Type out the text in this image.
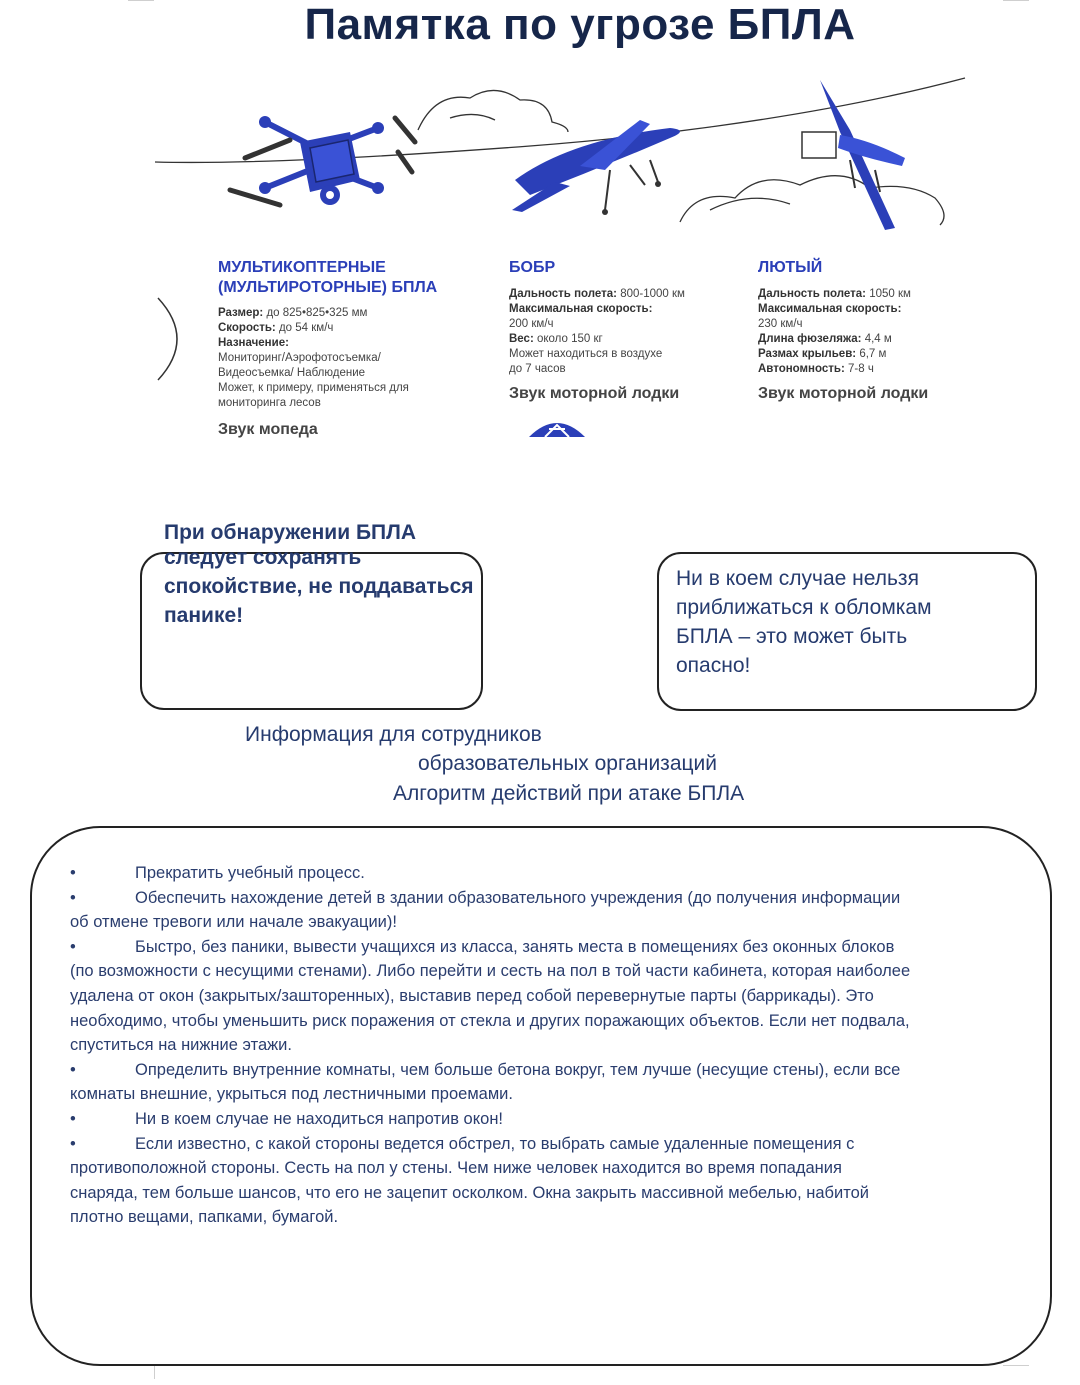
Памятка по угрозе БПЛА
МУЛЬТИКОПТЕРНЫЕ (МУЛЬТИРОТОРНЫЕ) БПЛА
Размер: до 825•825•325 мм
Скорость: до 54 км/ч
Назначение:
Мониторинг/Аэрофотосъемка/
Видеосъемка/ Наблюдение
Может, к примеру, применяться для
мониторинга лесов
Звук мопеда
БОБР
Дальность полета: 800-1000 км
Максимальная скорость:
200 км/ч
Вес: около 150 кг
Может находиться в воздухе
до 7 часов
Звук моторной лодки
ЛЮТЫЙ
Дальность полета: 1050 км
Максимальная скорость:
230 км/ч
Длина фюзеляжа: 4,4 м
Размах крыльев: 6,7 м
Автономность: 7-8 ч
Звук моторной лодки
При обнаружении БПЛА
следует сохранять
спокойствие, не поддаваться
панике!
Ни в коем случае нельзя
приближаться к обломкам
БПЛА – это может быть
опасно!
Информация для сотрудников
образовательных организаций
Алгоритм действий при атаке БПЛА

•	Прекратить учебный процесс.

•	Обеспечить нахождение детей в здании образовательного учреждения (до получения информации

об отмене тревоги или начале эвакуации)!

•	Быстро, без паники, вывести учащихся из класса, занять места в помещениях без оконных блоков

(по возможности с несущими стенами). Либо перейти и сесть на пол в той части кабинета, которая наиболее

удалена от окон (закрытых/зашторенных), выставив перед собой перевернутые парты (баррикады). Это

необходимо, чтобы уменьшить риск поражения от стекла и других поражающих объектов. Если нет подвала,

спуститься на нижние этажи.

•	Определить внутренние комнаты, чем больше бетона вокруг, тем лучше (несущие стены), если все

комнаты внешние, укрыться под лестничными проемами.

•	Ни в коем случае не находиться напротив окон!

•	Если известно, с какой стороны ведется обстрел, то выбрать самые удаленные помещения с

противоположной стороны. Сесть на пол у стены. Чем ниже человек находится во время попадания

снаряда, тем больше шансов, что его не зацепит осколком. Окна закрыть массивной мебелью, набитой

плотно вещами, папками, бумагой.
